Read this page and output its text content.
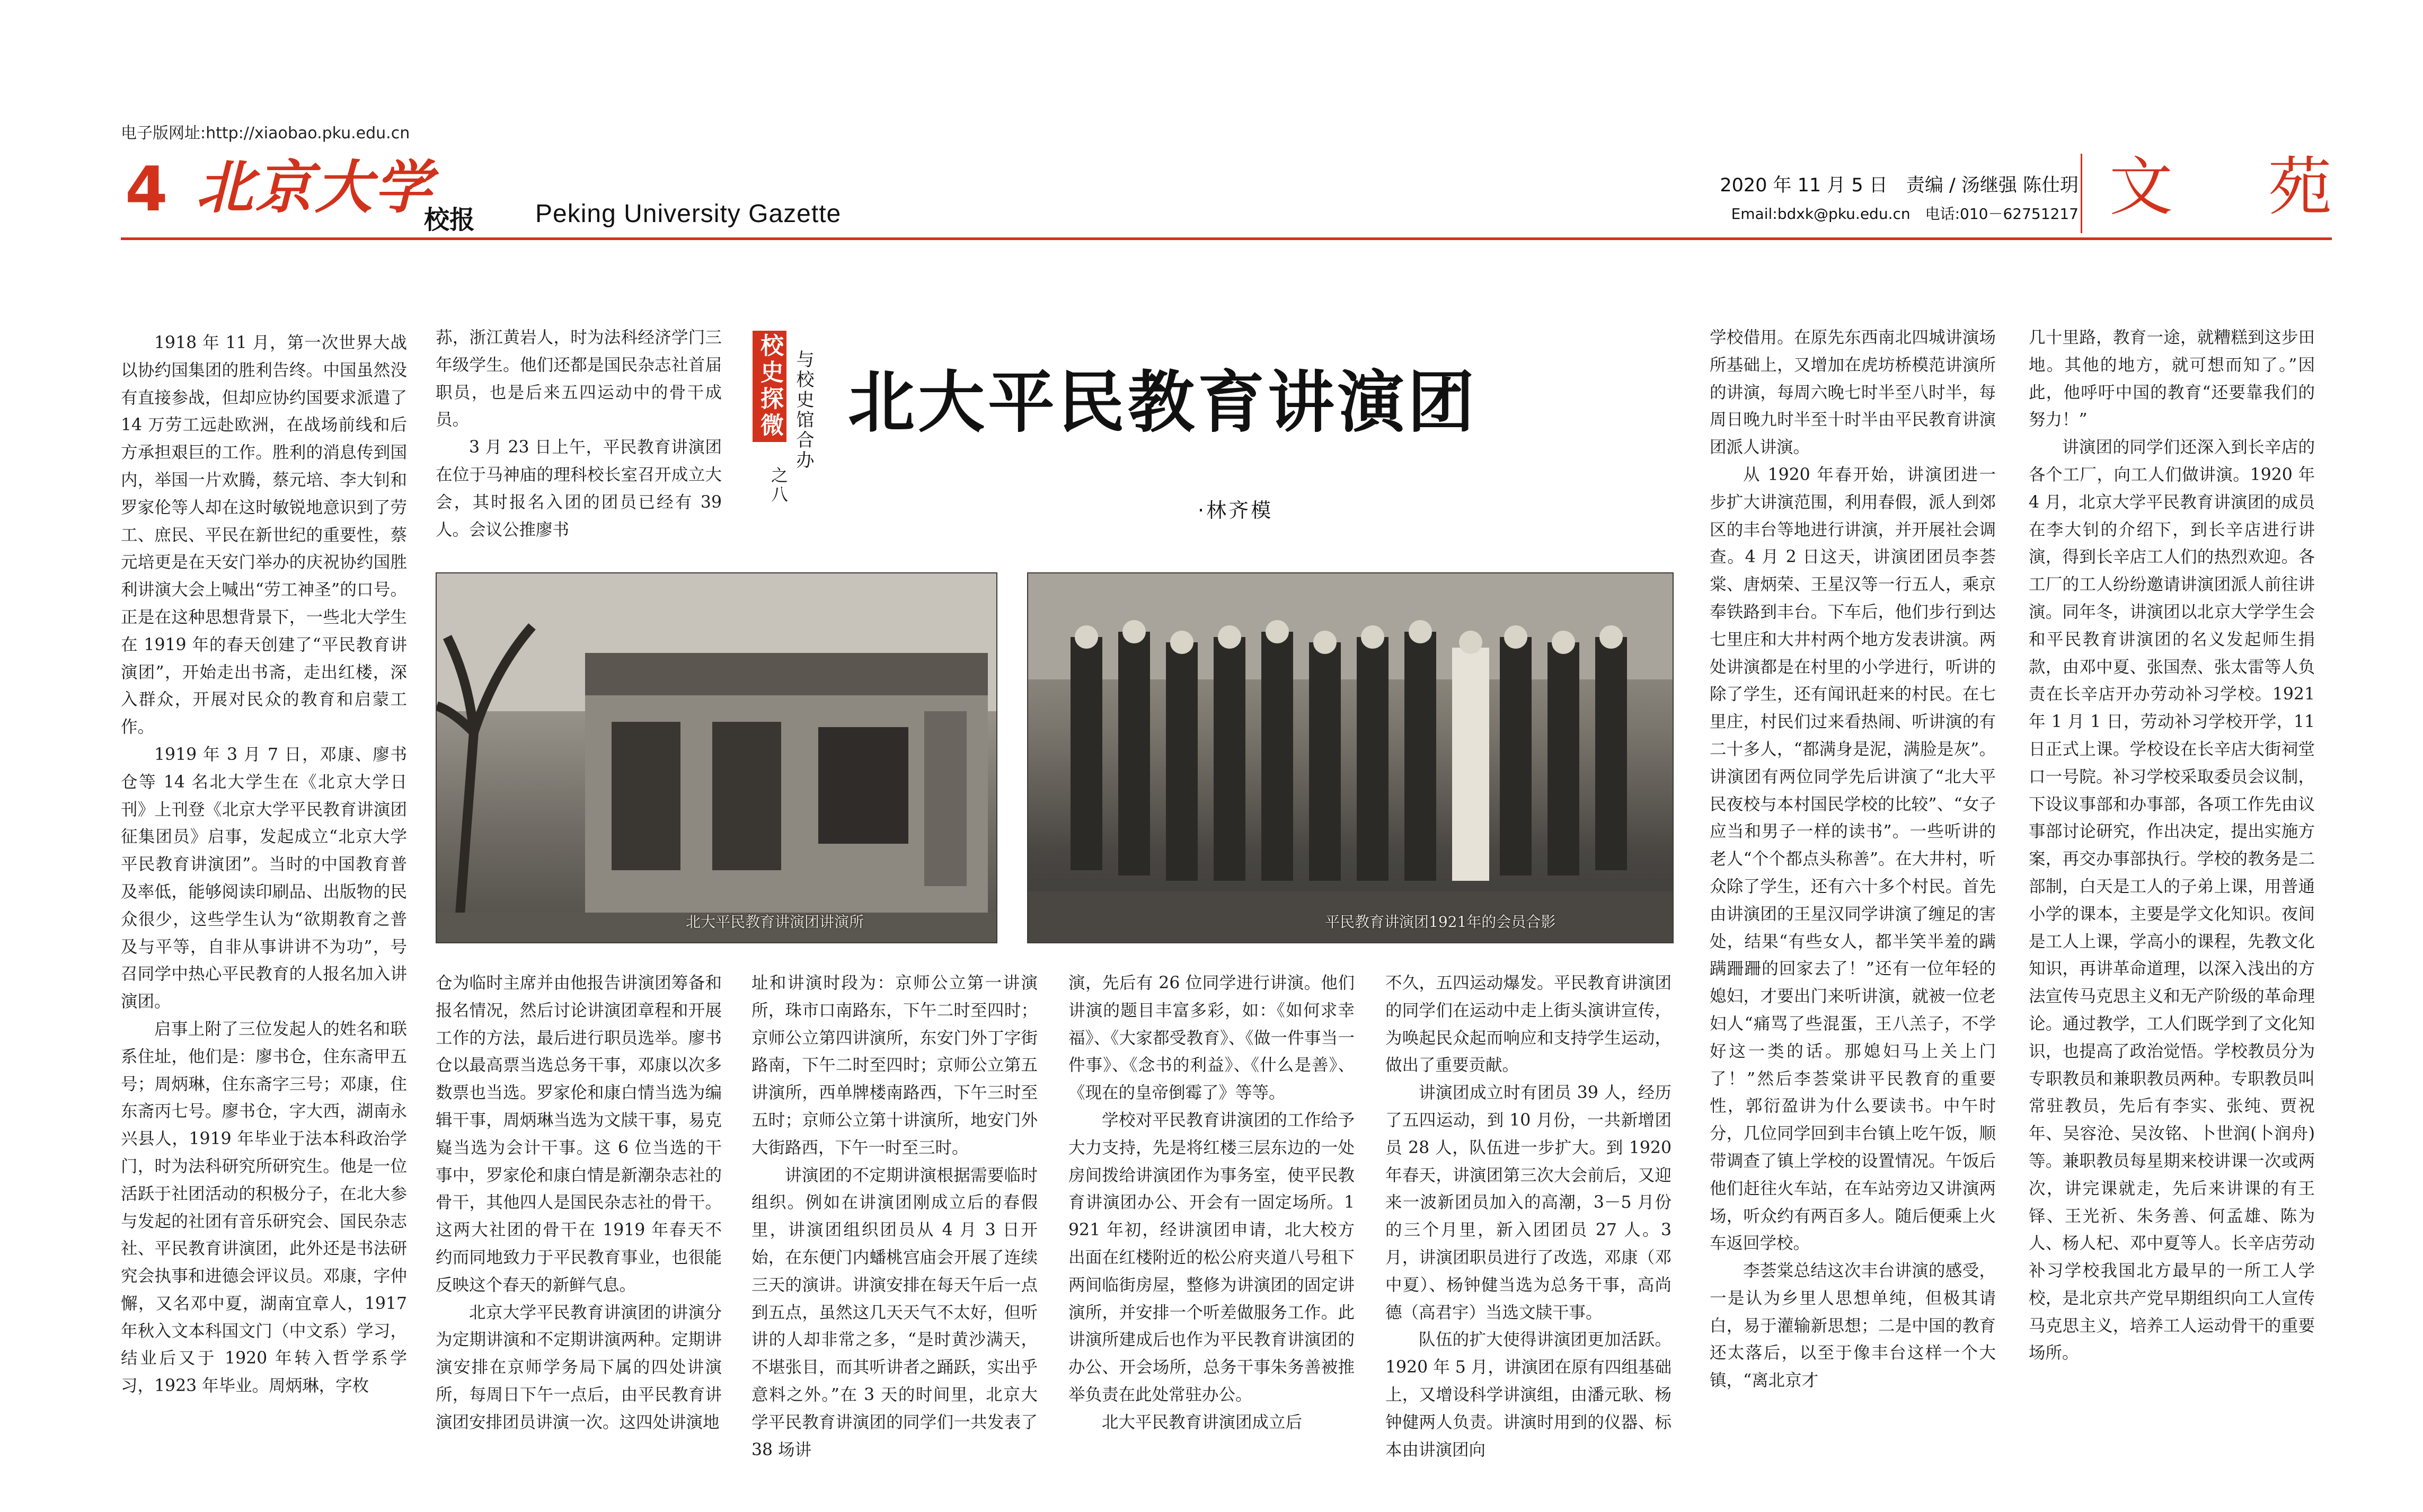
电子版网址:http://xiaobao.pku.edu.cn
4 北京大学
校报 Peking University Gazette
2020 年 11 月 5 日　责编 / 汤继强 陈仕玥
Email:bdxk@pku.edu.cn　电话:010－62751217 文 苑
校史探微 与校史馆合办
之八
北大平民教育讲演团
·林齐模
北大平民教育讲演团讲演所	平民教育讲演团1921年的会员合影

1918 年 11 月，第一次世界大战以协约国集团的胜利告终。中国虽然没有直接参战，但却应协约国要求派遣了 14 万劳工远赴欧洲，在战场前线和后方承担艰巨的工作。胜利的消息传到国内，举国一片欢腾，蔡元培、李大钊和罗家伦等人却在这时敏锐地意识到了劳工、庶民、平民在新世纪的重要性，蔡元培更是在天安门举办的庆祝协约国胜利讲演大会上喊出“劳工神圣”的口号。正是在这种思想背景下，一些北大学生在 1919 年的春天创建了“平民教育讲演团”，开始走出书斋，走出红楼，深入群众，开展对民众的教育和启蒙工作。

1919 年 3 月 7 日，邓康、廖书仓等 14 名北大学生在《北京大学日刊》上刊登《北京大学平民教育讲演团征集团员》启事，发起成立“北京大学平民教育讲演团”。当时的中国教育普及率低，能够阅读印刷品、出版物的民众很少，这些学生认为“欲期教育之普及与平等，自非从事讲讲不为功”，号召同学中热心平民教育的人报名加入讲演团。

启事上附了三位发起人的姓名和联系住址，他们是：廖书仓，住东斋甲五号；周炳琳，住东斋字三号；邓康，住东斋丙七号。廖书仓，字大西，湖南永兴县人，1919 年毕业于法本科政治学门，时为法科研究所研究生。他是一位活跃于社团活动的积极分子，在北大参与发起的社团有音乐研究会、国民杂志社、平民教育讲演团，此外还是书法研究会执事和进德会评议员。邓康，字仲懈，又名邓中夏，湖南宜章人，1917 年秋入文本科国文门（中文系）学习，结业后又于 1920 年转入哲学系学习，1923 年毕业。周炳琳，字枚

荪，浙江黄岩人，时为法科经济学门三年级学生。他们还都是国民杂志社首届职员，也是后来五四运动中的骨干成员。

3 月 23 日上午，平民教育讲演团在位于马神庙的理科校长室召开成立大会，其时报名入团的团员已经有 39 人。会议公推廖书

仓为临时主席并由他报告讲演团筹备和报名情况，然后讨论讲演团章程和开展工作的方法，最后进行职员选举。廖书仓以最高票当选总务干事，邓康以次多数票也当选。罗家伦和康白情当选为编辑干事，周炳琳当选为文牍干事，易克嶷当选为会计干事。这 6 位当选的干事中，罗家伦和康白情是新潮杂志社的骨干，其他四人是国民杂志社的骨干。这两大社团的骨干在 1919 年春天不约而同地致力于平民教育事业，也很能反映这个春天的新鲜气息。

北京大学平民教育讲演团的讲演分为定期讲演和不定期讲演两种。定期讲演安排在京师学务局下属的四处讲演所，每周日下午一点后，由平民教育讲演团安排团员讲演一次。这四处讲演地

址和讲演时段为：京师公立第一讲演所，珠市口南路东，下午二时至四时；京师公立第四讲演所，东安门外丁字街路南，下午二时至四时；京师公立第五讲演所，西单牌楼南路西，下午三时至五时；京师公立第十讲演所，地安门外大街路西，下午一时至三时。

讲演团的不定期讲演根据需要临时组织。例如在讲演团刚成立后的春假里，讲演团组织团员从 4 月 3 日开始，在东便门内蟠桃宫庙会开展了连续三天的演讲。讲演安排在每天午后一点到五点，虽然这几天天气不太好，但听讲的人却非常之多，“是时黄沙满天，不堪张目，而其听讲者之踊跃，实出乎意料之外。”在 3 天的时间里，北京大学平民教育讲演团的同学们一共发表了 38 场讲

演，先后有 26 位同学进行讲演。他们讲演的题目丰富多彩，如：《如何求幸福》、《大家都受教育》、《做一件事当一件事》、《念书的利益》、《什么是善》、《现在的皇帝倒霉了》等等。

学校对平民教育讲演团的工作给予大力支持，先是将红楼三层东边的一处房间拨给讲演团作为事务室，使平民教育讲演团办公、开会有一固定场所。1921 年初，经讲演团申请，北大校方出面在红楼附近的松公府夹道八号租下两间临街房屋，整修为讲演团的固定讲演所，并安排一个听差做服务工作。此讲演所建成后也作为平民教育讲演团的办公、开会场所，总务干事朱务善被推举负责在此处常驻办公。

北大平民教育讲演团成立后

不久，五四运动爆发。平民教育讲演团的同学们在运动中走上街头演讲宣传，为唤起民众起而响应和支持学生运动，做出了重要贡献。

讲演团成立时有团员 39 人，经历了五四运动，到 10 月份，一共新增团员 28 人，队伍进一步扩大。到 1920 年春天，讲演团第三次大会前后，又迎来一波新团员加入的高潮，3－5 月份的三个月里，新入团团员 27 人。3 月，讲演团职员进行了改选，邓康（邓中夏）、杨钟健当选为总务干事，高尚德（高君宇）当选文牍干事。

队伍的扩大使得讲演团更加活跃。1920 年 5 月，讲演团在原有四组基础上，又增设科学讲演组，由潘元耿、杨钟健两人负责。讲演时用到的仪器、标本由讲演团向

学校借用。在原先东西南北四城讲演场所基础上，又增加在虎坊桥模范讲演所的讲演，每周六晚七时半至八时半，每周日晚九时半至十时半由平民教育讲演团派人讲演。

从 1920 年春开始，讲演团进一步扩大讲演范围，利用春假，派人到郊区的丰台等地进行讲演，并开展社会调查。4 月 2 日这天，讲演团团员李荟棠、唐炳荣、王星汉等一行五人，乘京奉铁路到丰台。下车后，他们步行到达七里庄和大井村两个地方发表讲演。两处讲演都是在村里的小学进行，听讲的除了学生，还有闻讯赶来的村民。在七里庄，村民们过来看热闹、听讲演的有二十多人，“都满身是泥，满脸是灰”。讲演团有两位同学先后讲演了“北大平民夜校与本村国民学校的比较”、“女子应当和男子一样的读书”。一些听讲的老人“个个都点头称善”。在大井村，听众除了学生，还有六十多个村民。首先由讲演团的王星汉同学讲演了缠足的害处，结果“有些女人，都半笑半羞的蹒蹒跚跚的回家去了！”还有一位年轻的媳妇，才要出门来听讲演，就被一位老妇人“痛骂了些混蛋，王八羔子，不学好这一类的话。那媳妇马上关上门了！”然后李荟棠讲平民教育的重要性，郭衍盈讲为什么要读书。中午时分，几位同学回到丰台镇上吃午饭，顺带调查了镇上学校的设置情况。午饭后他们赶往火车站，在车站旁边又讲演两场，听众约有两百多人。随后便乘上火车返回学校。

李荟棠总结这次丰台讲演的感受，一是认为乡里人思想单纯，但极其请白，易于灌输新思想；二是中国的教育还太落后，以至于像丰台这样一个大镇，“离北京才

几十里路，教育一途，就糟糕到这步田地。其他的地方，就可想而知了。”因此，他呼吁中国的教育“还要靠我们的努力！”

讲演团的同学们还深入到长辛店的各个工厂，向工人们做讲演。1920 年 4 月，北京大学平民教育讲演团的成员在李大钊的介绍下，到长辛店进行讲演，得到长辛店工人们的热烈欢迎。各工厂的工人纷纷邀请讲演团派人前往讲演。同年冬，讲演团以北京大学学生会和平民教育讲演团的名义发起师生捐款，由邓中夏、张国焘、张太雷等人负责在长辛店开办劳动补习学校。1921 年 1 月 1 日，劳动补习学校开学，11 日正式上课。学校设在长辛店大街祠堂口一号院。补习学校采取委员会议制，下设议事部和办事部，各项工作先由议事部讨论研究，作出决定，提出实施方案，再交办事部执行。学校的教务是二部制，白天是工人的子弟上课，用普通小学的课本，主要是学文化知识。夜间是工人上课，学高小的课程，先教文化知识，再讲革命道理，以深入浅出的方法宣传马克思主义和无产阶级的革命理论。通过教学，工人们既学到了文化知识，也提高了政治觉悟。学校教员分为专职教员和兼职教员两种。专职教员叫常驻教员，先后有李实、张纯、贾祝年、吴容沧、吴汝铭、卜世润(卜润舟)等。兼职教员每星期来校讲课一次或两次，讲完课就走，先后来讲课的有王铎、王光祈、朱务善、何孟雄、陈为人、杨人杞、邓中夏等人。长辛店劳动补习学校我国北方最早的一所工人学校，是北京共产党早期组织向工人宣传马克思主义，培养工人运动骨干的重要场所。
